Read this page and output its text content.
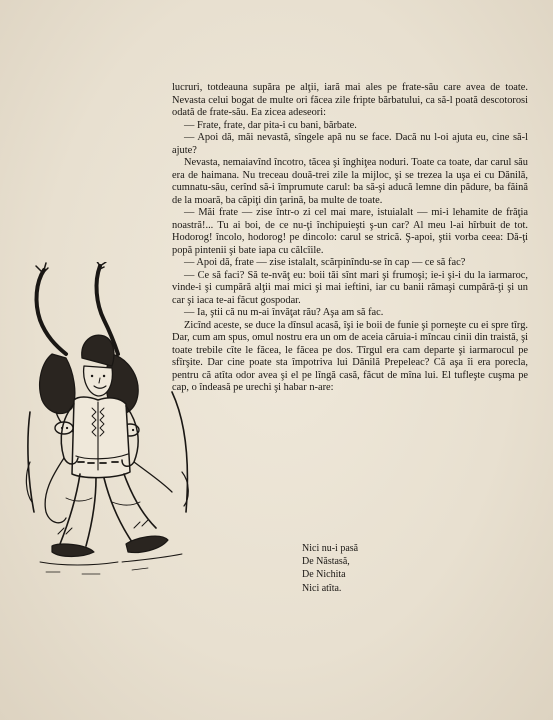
lucruri, totdeauna supăra pe alţii, iară mai ales pe frate-său care avea de toate. Nevasta celui bogat de multe ori făcea zile fripte bărbatului, ca să-l poată descotorosi odată de frate-său. Ea zicea adeseori:

— Frate, frate, dar pita-i cu bani, bărbate.

— Apoi dă, măi nevastă, sîngele apă nu se face. Dacă nu l-oi ajuta eu, cine să-l ajute?

Nevasta, nemaiavînd încotro, tăcea şi înghiţea noduri. Toate ca toate, dar carul său era de haimana. Nu treceau două-trei zile la mijloc, şi se trezea la uşa ei cu Dănilă, cumnatu-său, cerînd să-i împrumute carul: ba să-şi aducă lemne din pădure, ba făină de la moară, ba căpiţi din ţarină, ba multe de toate.

— Măi frate — zise într-o zi cel mai mare, istuialalt — mi-i lehamite de frăţia noastră!... Tu ai boi, de ce nu-ţi închipuieşti ş-un car? Al meu l-ai hîrbuit de tot. Hodorog! încolo, hodorog! pe dincolo: carul se strică. Ş-apoi, ştii vorba ceea: Dă-ţi popă pintenii şi bate iapa cu călcîile.

— Apoi dă, frate — zise istalalt, scărpinîndu-se în cap — ce să fac?

— Ce să faci? Să te-nvăţ eu: boii tăi sînt mari şi frumoşi; ie-i şi-i du la iarmaroc, vinde-i şi cumpără alţii mai mici şi mai ieftini, iar cu banii rămaşi cumpără-ţi şi un car şi iaca te-ai făcut gospodar.

— Ia, ştii că nu m-ai învăţat rău? Aşa am să fac.

Zicînd aceste, se duce la dînsul acasă, îşi ie boii de funie şi porneşte cu ei spre tîrg. Dar, cum am spus, omul nostru era un om de aceia căruia-i mîncau cinii din traistă, şi toate trebile cîte le făcea, le făcea pe dos. Tîrgul era cam departe şi iarmarocul pe sfîrşite. Dar cine poate sta împotriva lui Dănilă Prepeleac? Că aşa îi era porecla, pentru că atîta odor avea şi el pe lîngă casă, făcut de mîna lui. El tufleşte cuşma pe cap, o îndeasă pe urechi şi habar n-are:

Nici nu-i pasă
De Năstasă,
De Nichita
Nici atîta.
